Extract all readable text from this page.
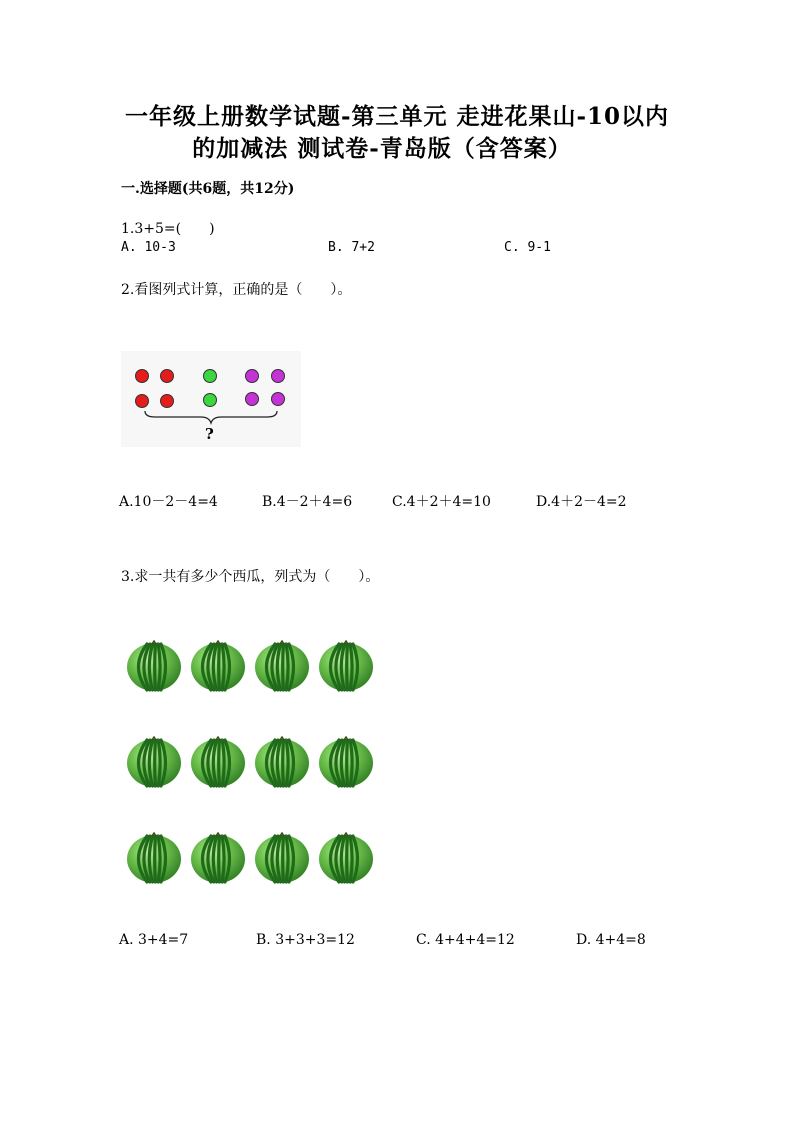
一年级上册数学试题-第三单元 走进花果山-10以内
的加减法 测试卷-青岛版（含答案）
一.选择题(共6题，共12分)
1.3+5=(　　)
A. 10-3	B. 7+2	C. 9-1
2.看图列式计算，正确的是（　　）。
?
A.10－2－4=4	B.4－2＋4=6	C.4＋2＋4=10	D.4＋2－4=2
3.求一共有多少个西瓜，列式为（　　）。
A. 3+4=7	B. 3+3+3=12	C. 4+4+4=12	D. 4+4=8
